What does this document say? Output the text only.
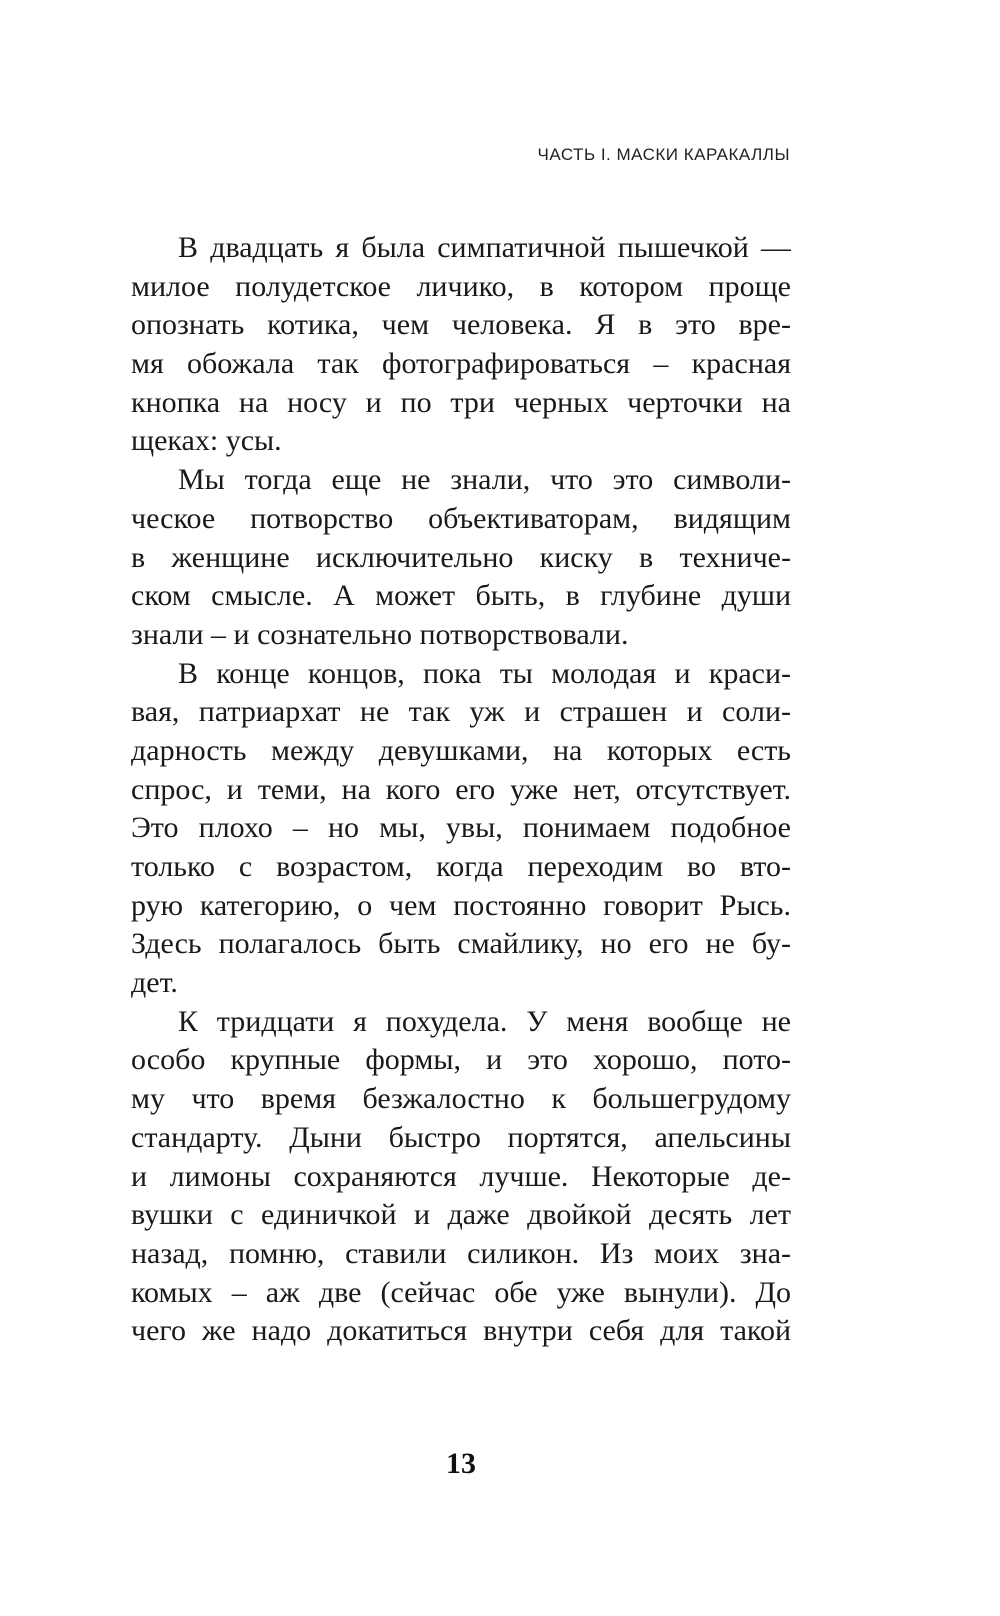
ЧАСТЬ I. МАСКИ КАРАКАЛЛЫ
В двадцать я была симпатичной пышечкой —
милое полудетское личико, в котором проще
опознать котика, чем человека. Я в это вре-
мя обожала так фотографироваться – красная
кнопка на носу и по три черных черточки на
щеках: усы.
Мы тогда еще не знали, что это символи-
ческое потворство объективаторам, видящим
в женщине исключительно киску в техниче-
ском смысле. А может быть, в глубине души
знали – и сознательно потворствовали.
В конце концов, пока ты молодая и краси-
вая, патриархат не так уж и страшен и соли-
дарность между девушками, на которых есть
спрос, и теми, на кого его уже нет, отсутствует.
Это плохо – но мы, увы, понимаем подобное
только с возрастом, когда переходим во вто-
рую категорию, о чем постоянно говорит Рысь.
Здесь полагалось быть смайлику, но его не бу-
дет.
К тридцати я похудела. У меня вообще не
особо крупные формы, и это хорошо, пото-
му что время безжалостно к большегрудому
стандарту. Дыни быстро портятся, апельсины
и лимоны сохраняются лучше. Некоторые де-
вушки с единичкой и даже двойкой десять лет
назад, помню, ставили силикон. Из моих зна-
комых – аж две (сейчас обе уже вынули). До
чего же надо докатиться внутри себя для такой
13
